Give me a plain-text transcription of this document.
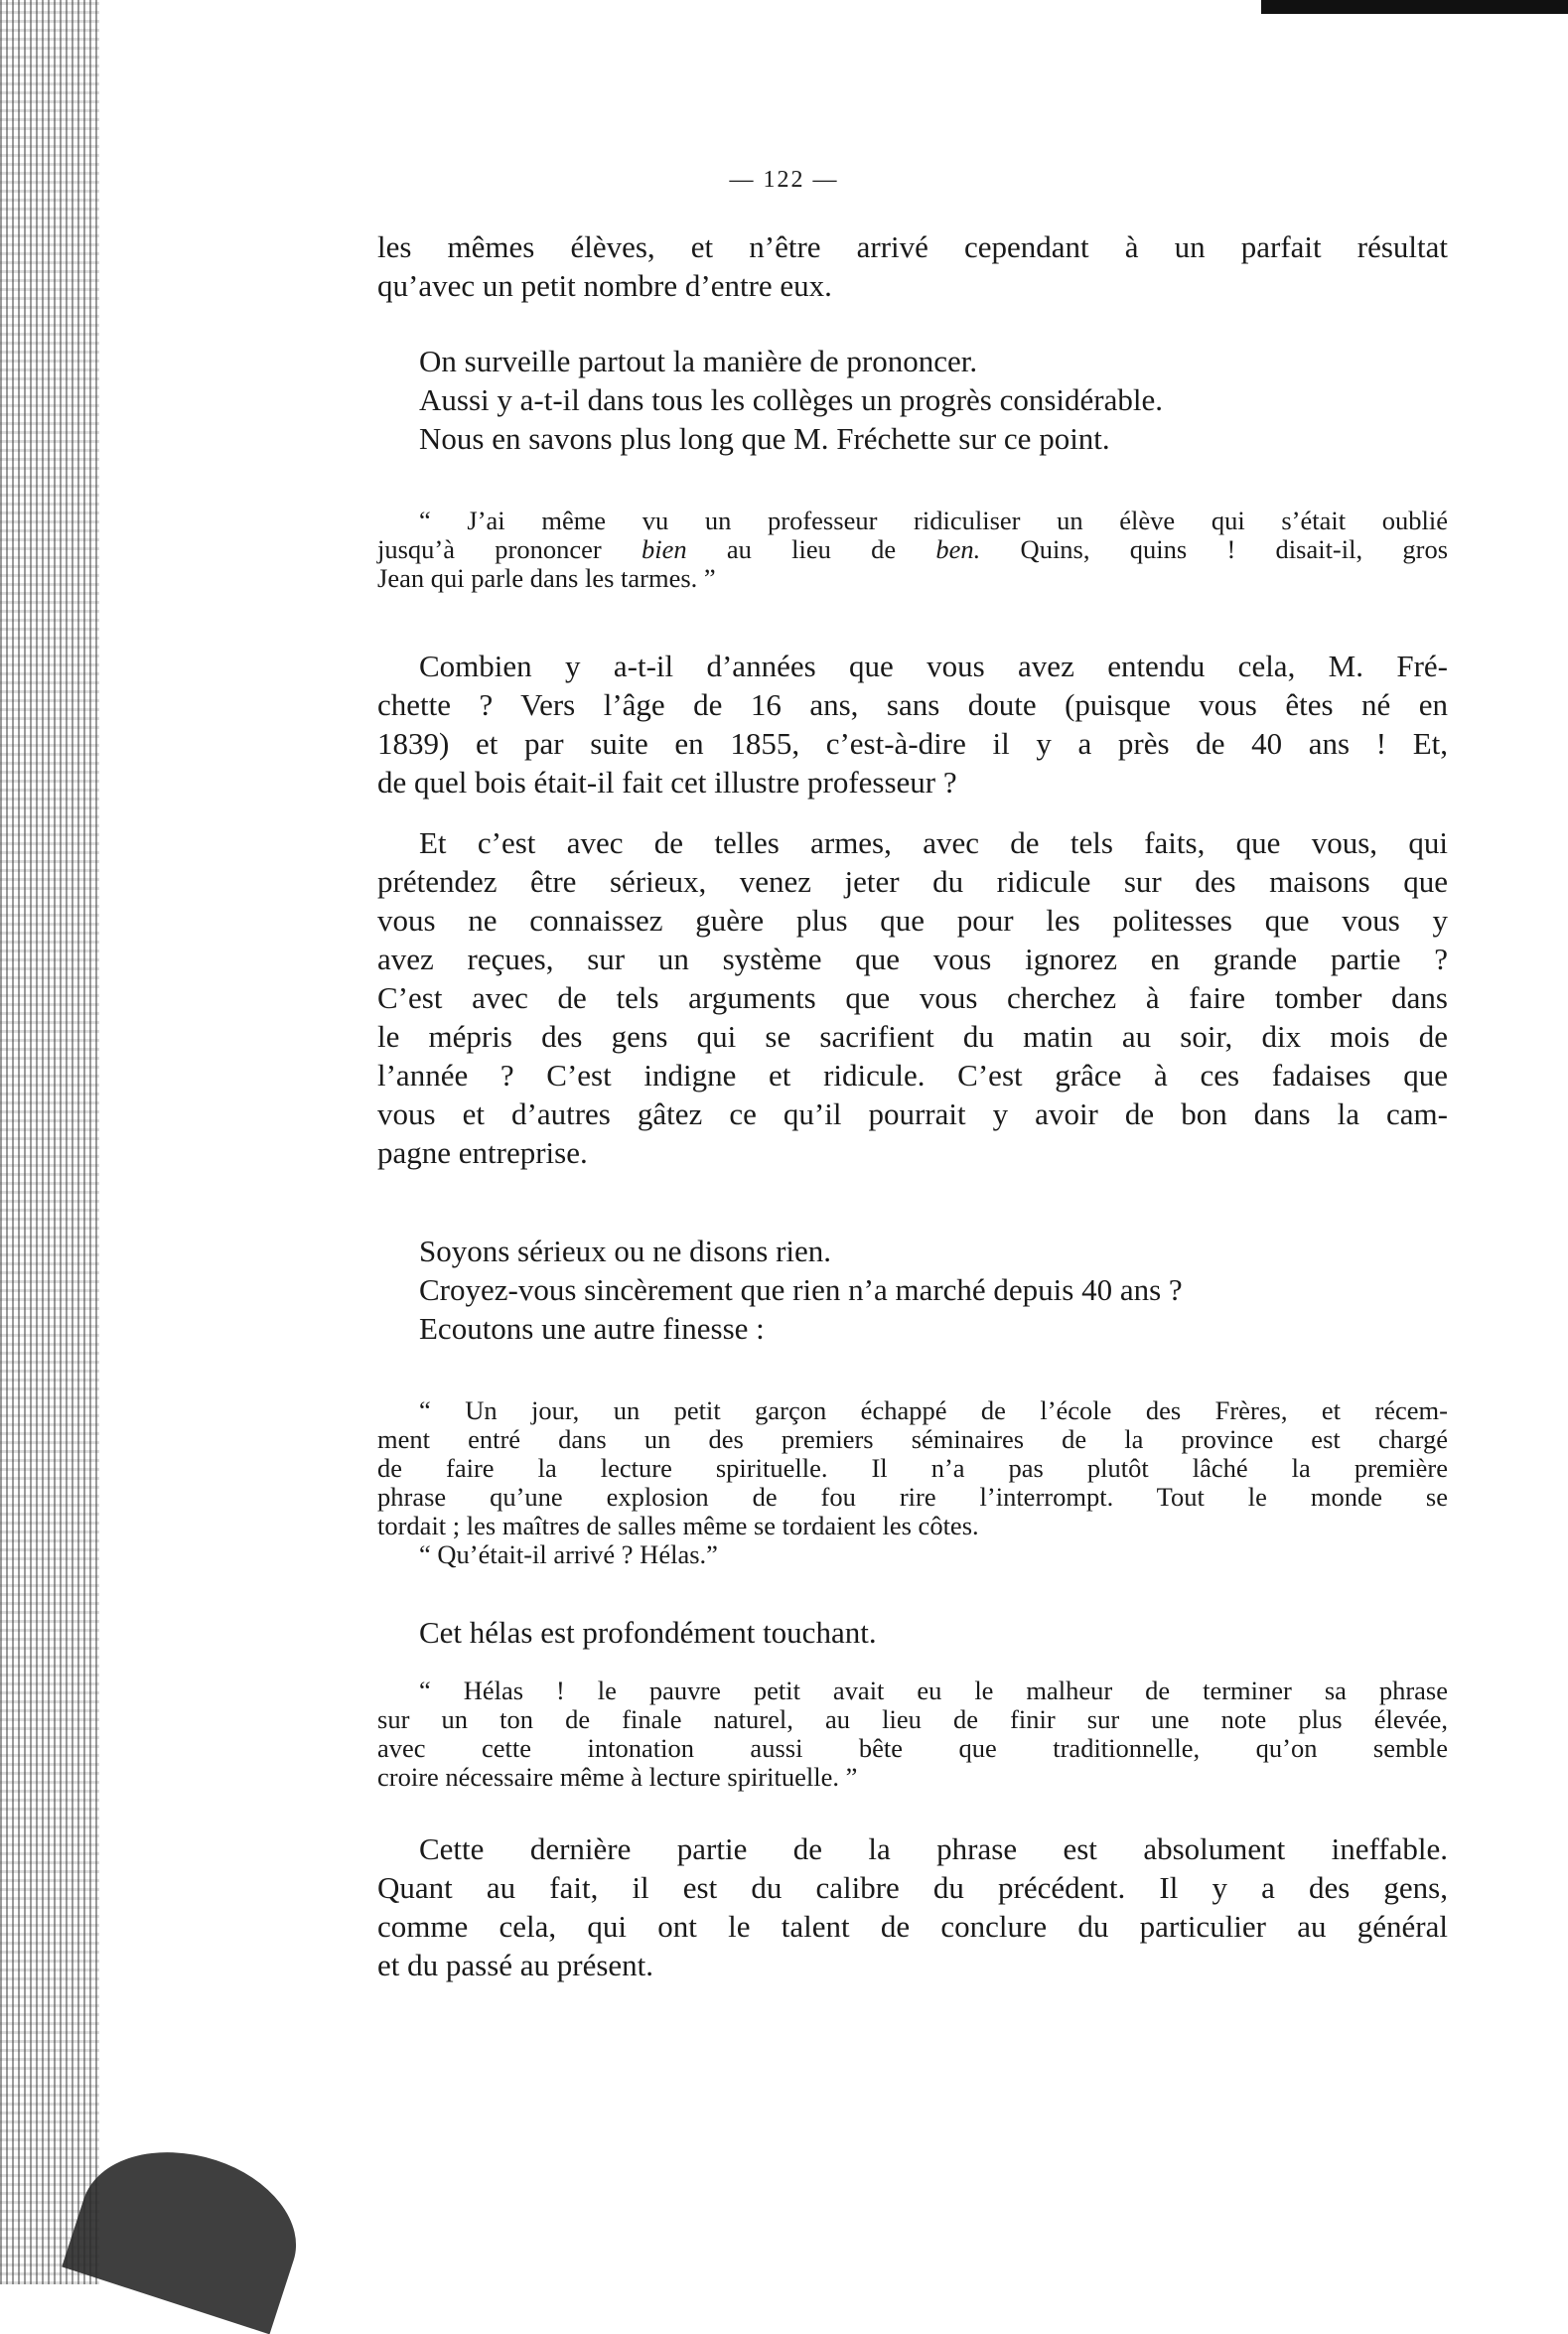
— 122 —
les mêmes élèves, et n’être arrivé cependant à un parfait résultat
qu’avec un petit nombre d’entre eux.
On surveille partout la manière de prononcer.
Aussi y a-t-il dans tous les collèges un progrès considérable.
Nous en savons plus long que M. Fréchette sur ce point.
“ J’ai même vu un professeur ridiculiser un élève qui s’était oublié
jusqu’à prononcer bien au lieu de ben. Quins, quins ! disait-il, gros
Jean qui parle dans les tarmes. ”
Combien y a-t-il d’années que vous avez entendu cela, M. Fré-
chette ? Vers l’âge de 16 ans, sans doute (puisque vous êtes né en
1839) et par suite en 1855, c’est-à-dire il y a près de 40 ans ! Et,
de quel bois était-il fait cet illustre professeur ?
Et c’est avec de telles armes, avec de tels faits, que vous, qui
prétendez être sérieux, venez jeter du ridicule sur des maisons que
vous ne connaissez guère plus que pour les politesses que vous y
avez reçues, sur un système que vous ignorez en grande partie ?
C’est avec de tels arguments que vous cherchez à faire tomber dans
le mépris des gens qui se sacrifient du matin au soir, dix mois de
l’année ? C’est indigne et ridicule. C’est grâce à ces fadaises que
vous et d’autres gâtez ce qu’il pourrait y avoir de bon dans la cam-
pagne entreprise.
Soyons sérieux ou ne disons rien.
Croyez-vous sincèrement que rien n’a marché depuis 40 ans ?
Ecoutons une autre finesse :
“ Un jour, un petit garçon échappé de l’école des Frères, et récem-
ment entré dans un des premiers séminaires de la province est chargé
de faire la lecture spirituelle. Il n’a pas plutôt lâché la première
phrase qu’une explosion de fou rire l’interrompt. Tout le monde se
tordait ; les maîtres de salles même se tordaient les côtes.
“ Qu’était-il arrivé ? Hélas.”
Cet hélas est profondément touchant.
“ Hélas ! le pauvre petit avait eu le malheur de terminer sa phrase
sur un ton de finale naturel, au lieu de finir sur une note plus élevée,
avec cette intonation aussi bête que traditionnelle, qu’on semble
croire nécessaire même à lecture spirituelle. ”
Cette dernière partie de la phrase est absolument ineffable.
Quant au fait, il est du calibre du précédent. Il y a des gens,
comme cela, qui ont le talent de conclure du particulier au général
et du passé au présent.
